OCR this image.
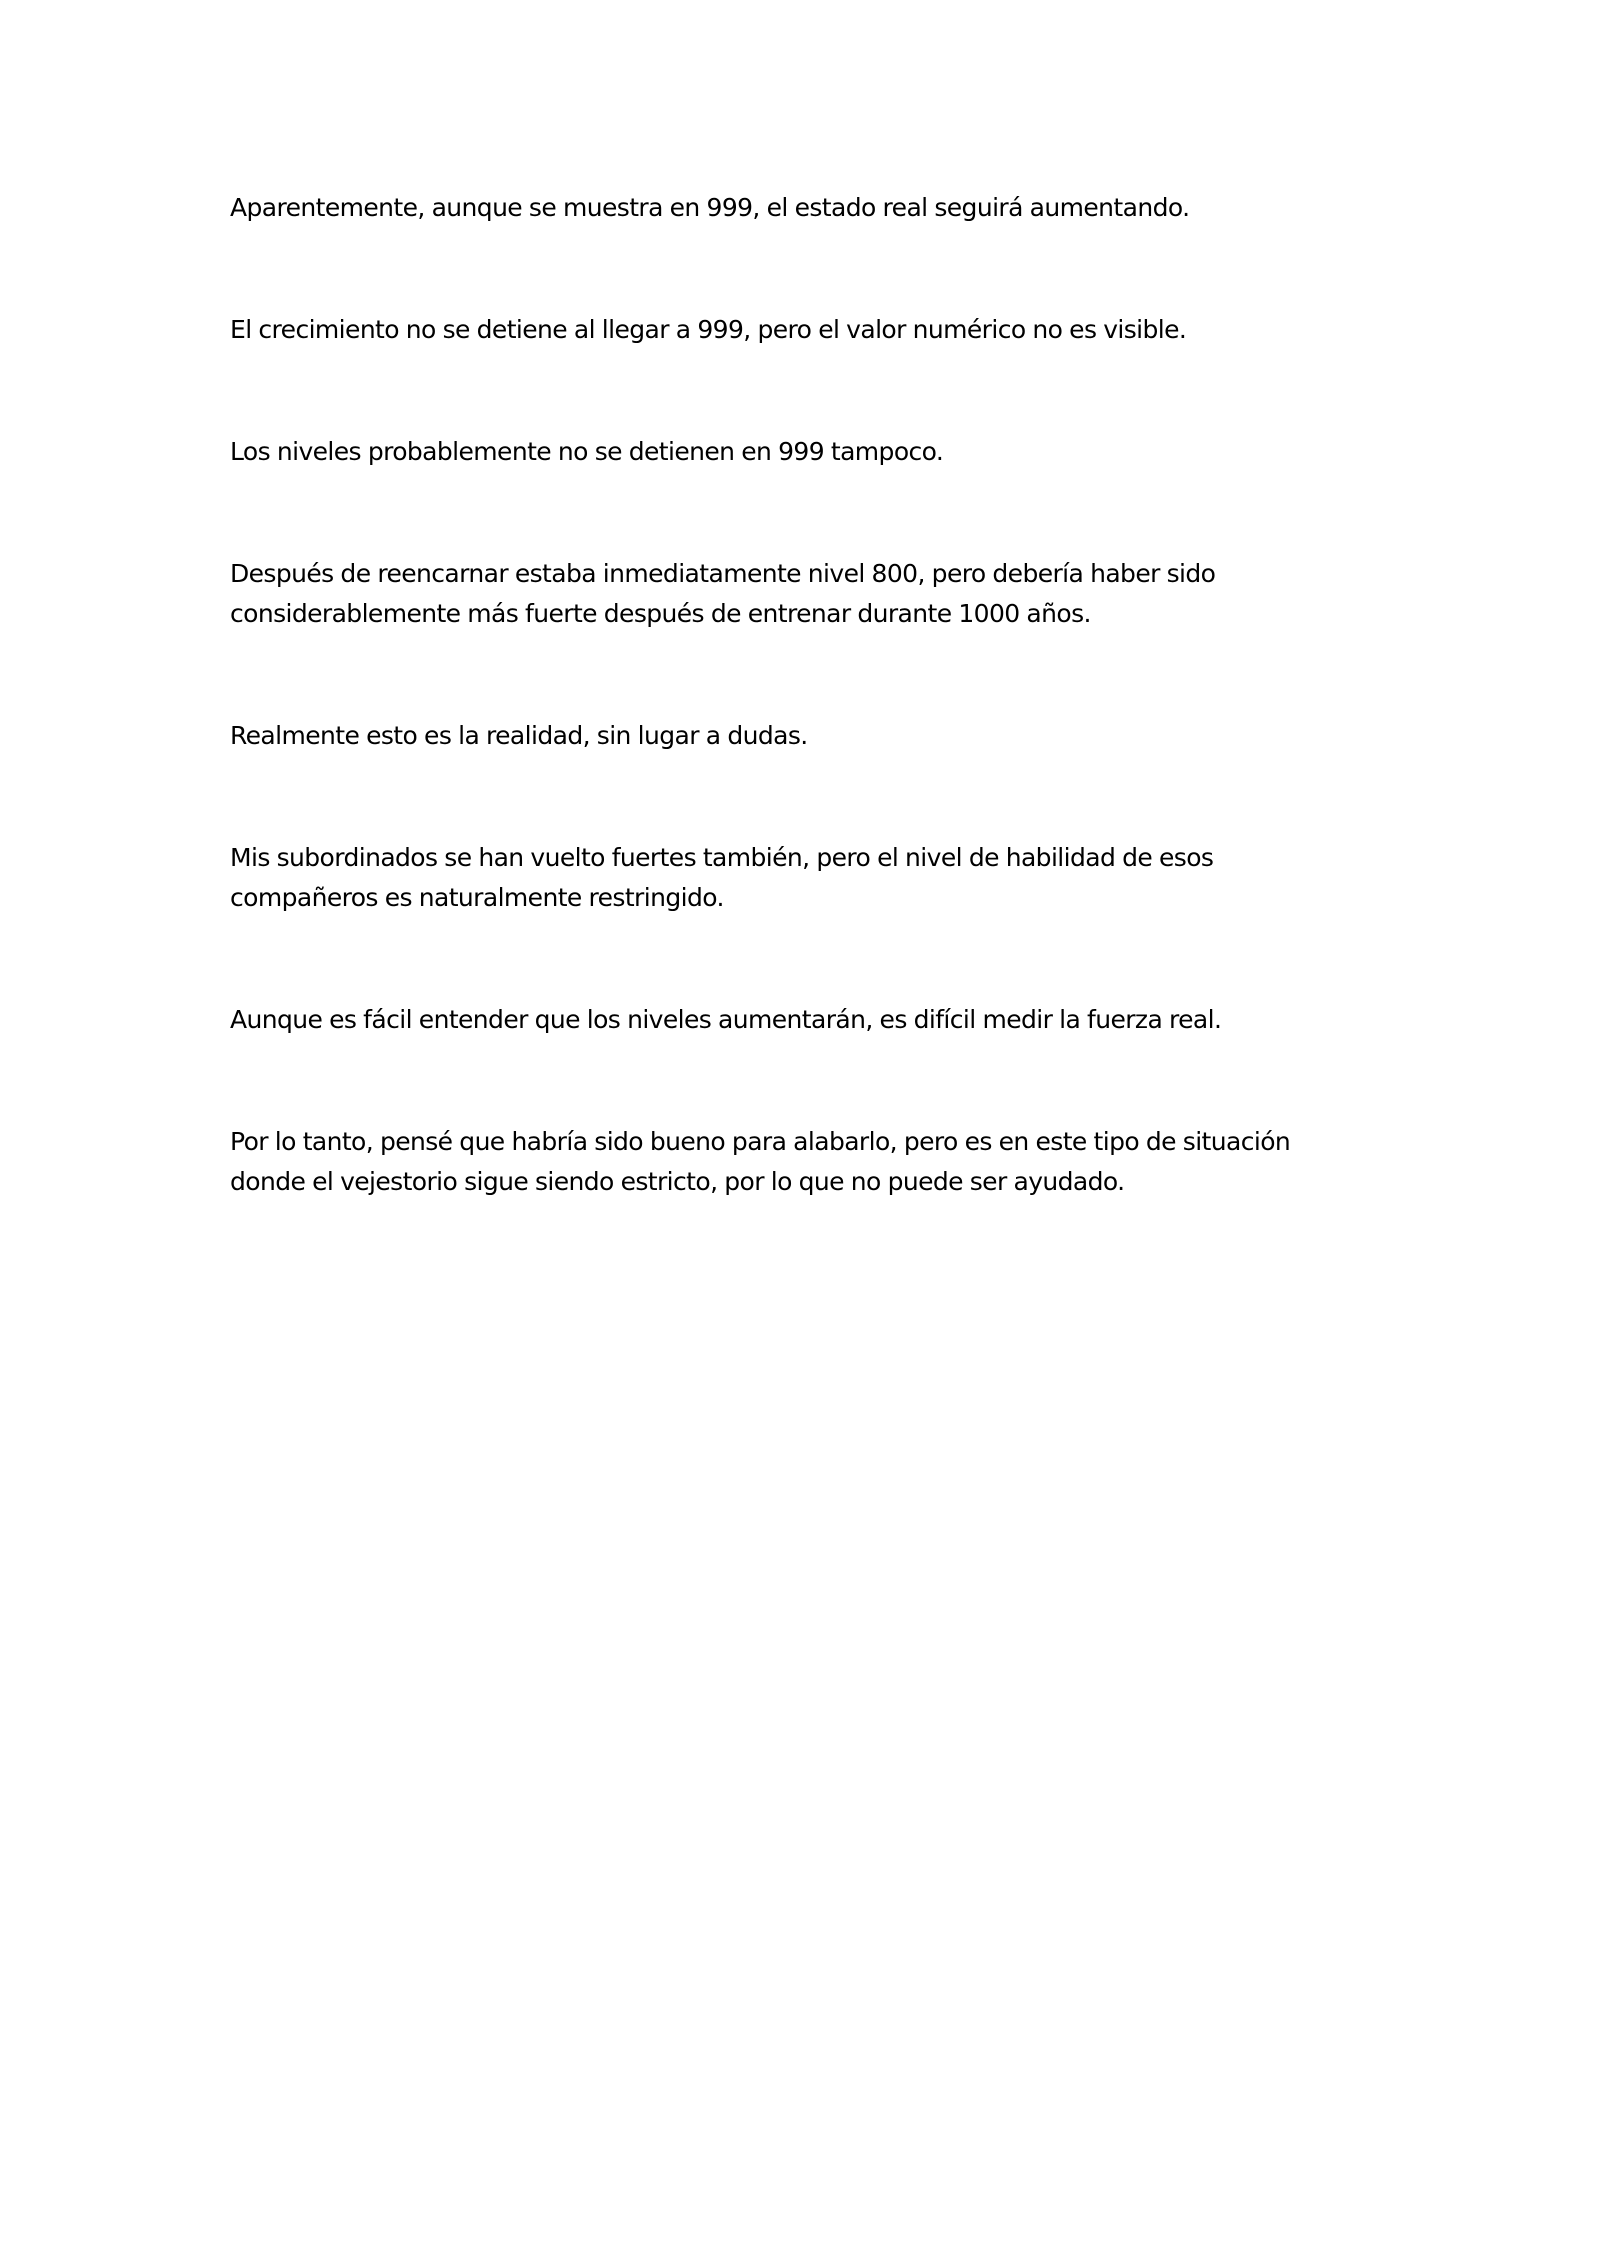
Aparentemente, aunque se muestra en 999, el estado real seguirá aumentando.

El crecimiento no se detiene al llegar a 999, pero el valor numérico no es visible.

Los niveles probablemente no se detienen en 999 tampoco.

Después de reencarnar estaba inmediatamente nivel 800, pero debería haber sido
considerablemente más fuerte después de entrenar durante 1000 años.

Realmente esto es la realidad, sin lugar a dudas.

Mis subordinados se han vuelto fuertes también, pero el nivel de habilidad de esos
compañeros es naturalmente restringido.

Aunque es fácil entender que los niveles aumentarán, es difícil medir la fuerza real.

Por lo tanto, pensé que habría sido bueno para alabarlo, pero es en este tipo de situación
donde el vejestorio sigue siendo estricto, por lo que no puede ser ayudado.
